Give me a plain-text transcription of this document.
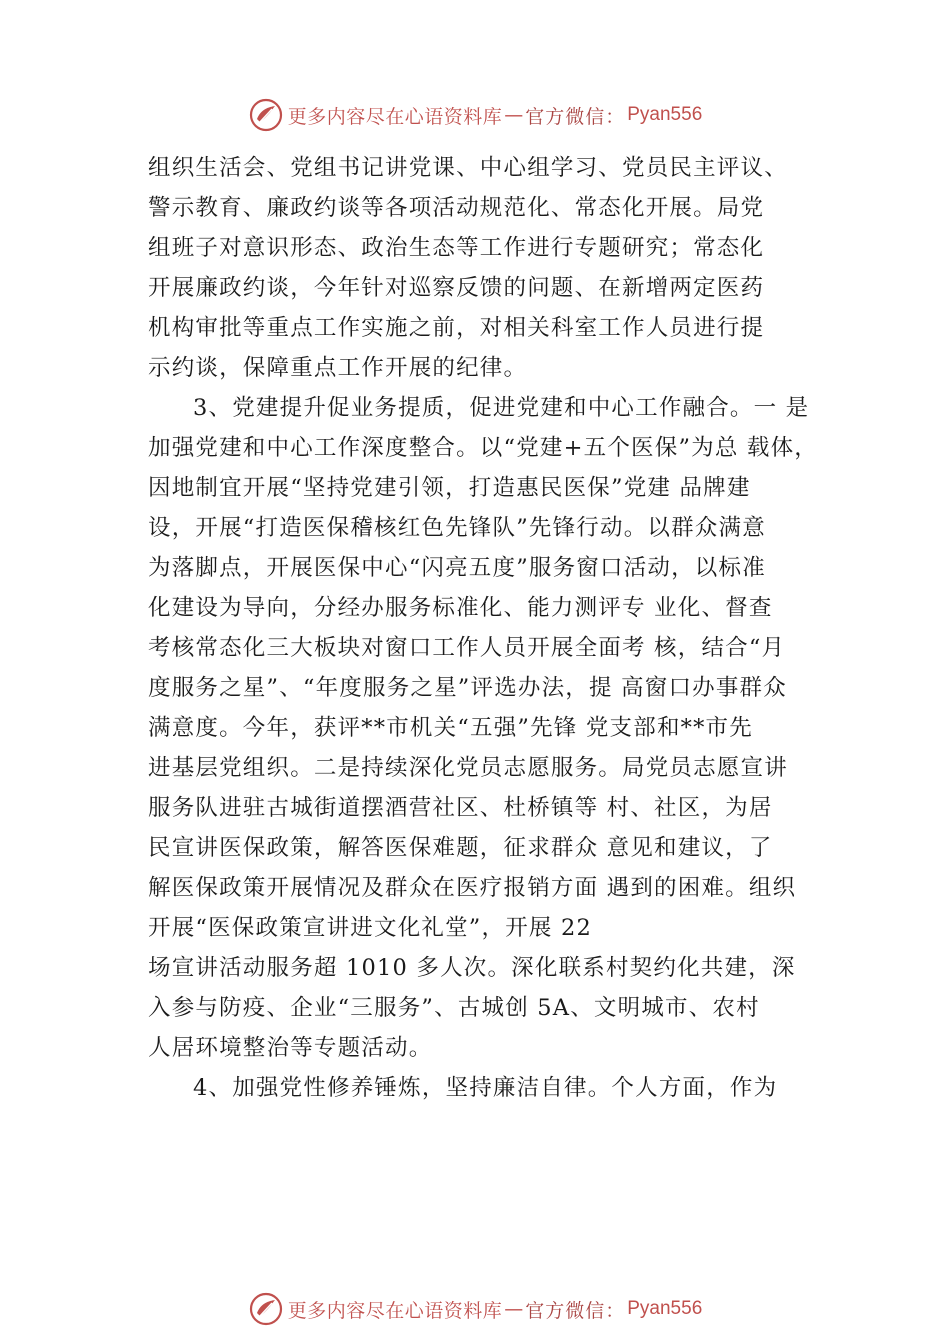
更多内容尽在心语资料库 — 官方微信： Pyan556
组织生活会、党组书记讲党课、中心组学习、党员民主评议、
警示教育、廉政约谈等各项活动规范化、常态化开展。局党
组班子对意识形态、政治生态等工作进行专题研究；常态化
开展廉政约谈，今年针对巡察反馈的问题、在新增两定医药
机构审批等重点工作实施之前，对相关科室工作人员进行提
示约谈，保障重点工作开展的纪律。
3、党建提升促业务提质，促进党建和中心工作融合。一 是
加强党建和中心工作深度整合。以“党建+五个医保”为总 载体，
因地制宜开展“坚持党建引领，打造惠民医保”党建 品牌建
设，开展“打造医保稽核红色先锋队”先锋行动。以群众满意
为落脚点，开展医保中心“闪亮五度”服务窗口活动，以标准
化建设为导向，分经办服务标准化、能力测评专 业化、督查
考核常态化三大板块对窗口工作人员开展全面考 核，结合“月
度服务之星”、“年度服务之星”评选办法，提 高窗口办事群众
满意度。今年，获评**市机关“五强”先锋 党支部和**市先
进基层党组织。二是持续深化党员志愿服务。局党员志愿宣讲
服务队进驻古城街道摆酒营社区、杜桥镇等 村、社区，为居
民宣讲医保政策，解答医保难题，征求群众 意见和建议，了
解医保政策开展情况及群众在医疗报销方面 遇到的困难。组织
开展“医保政策宣讲进文化礼堂”，开展 22
场宣讲活动服务超 1010 多人次。深化联系村契约化共建，深
入参与防疫、企业“三服务”、古城创 5A、文明城市、农村
人居环境整治等专题活动。
4、加强党性修养锤炼，坚持廉洁自律。个人方面，作为
更多内容尽在心语资料库 — 官方微信： Pyan556
